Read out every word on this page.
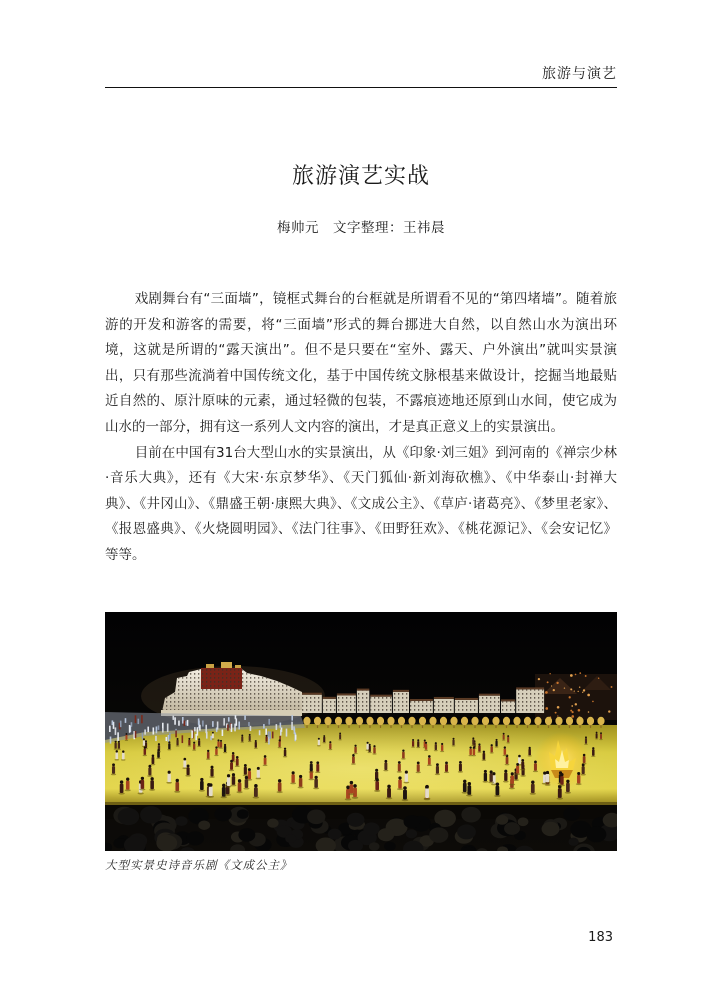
旅游与演艺
旅游演艺实战
梅帅元　文字整理：王祎晨

戏剧舞台有“三面墙”，镜框式舞台的台框就是所谓看不见的“第四堵墙”。随着旅游的开发和游客的需要，将“三面墙”形式的舞台挪进大自然，以自然山水为演出环境，这就是所谓的“露天演出”。但不是只要在“室外、露天、户外演出”就叫实景演出，只有那些流淌着中国传统文化，基于中国传统文脉根基来做设计，挖掘当地最贴近自然的、原汁原味的元素，通过轻微的包装，不露痕迹地还原到山水间，使它成为山水的一部分，拥有这一系列人文内容的演出，才是真正意义上的实景演出。

目前在中国有31台大型山水的实景演出，从《印象·刘三姐》到河南的《禅宗少林·音乐大典》，还有《大宋·东京梦华》、《天门狐仙·新刘海砍樵》、《中华泰山·封禅大典》、《井冈山》、《鼎盛王朝·康熙大典》、《文成公主》、《草庐·诸葛亮》、《梦里老家》、《报恩盛典》、《火烧圆明园》、《法门往事》、《田野狂欢》、《桃花源记》、《会安记忆》等等。

大型实景史诗音乐剧《文成公主》
183
